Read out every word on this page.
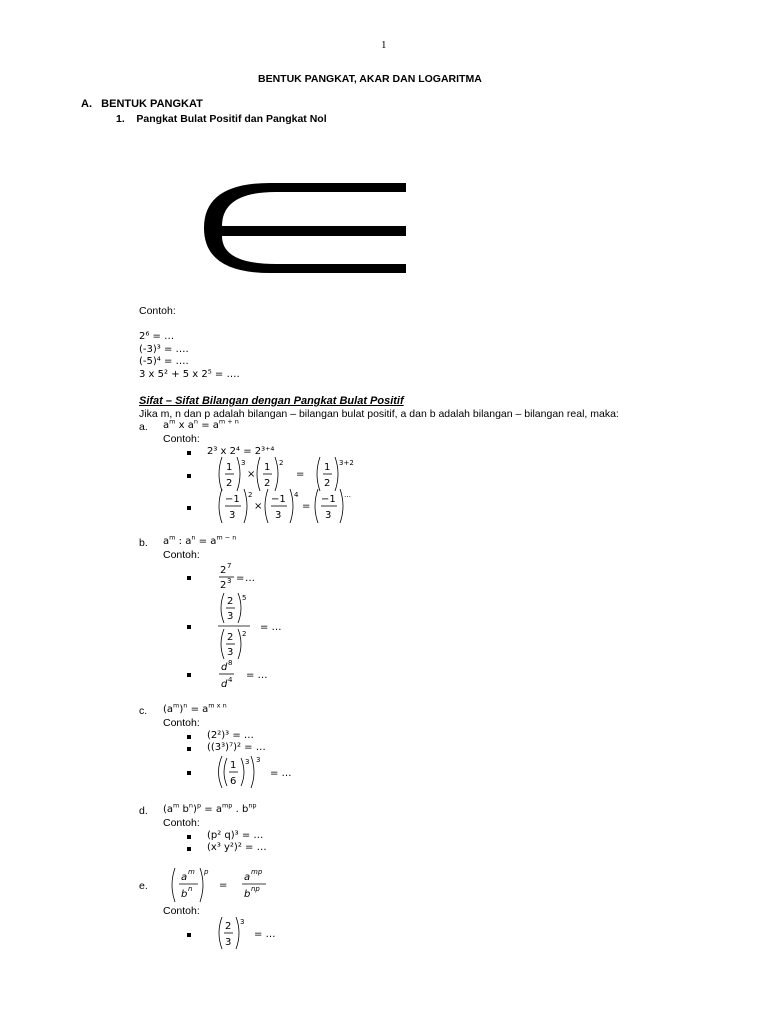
1
BENTUK PANGKAT, AKAR DAN LOGARITMA
A.   BENTUK PANGKAT
1.    Pangkat Bulat Positif dan Pangkat Nol
Contoh:
2⁶ = …
(-3)³ = ….
(-5)⁴ = ….
3 x 5² + 5 x 2⁵ = ….
Sifat – Sifat Bilangan dengan Pangkat Bulat Positif
Jika m, n dan p adalah bilangan – bilangan bulat positif, a dan b adalah bilangan – bilangan real, maka:
a. $a^m$ x $a^n = a^{m + n}$
Contoh:
2³ x 2⁴ = 2³⁺⁴
1
2
3
×
1
2
2
=
1
2
3+2
−1
3
2
×
−1
3
4
=
−1
3
…
b. $a^m$ : $a^n = a^{m - n}$
Contoh:
2 7
2 3 = …
2
3
5
2
3
2
= …
d 8
d 4 = …
c. $(a^m)^n = a^{m x n}$
Contoh:
(2²)³ = …
((3³)⁷)² = …
1
6
3 3
= …
d. ($a^m$ $b^n)^p = a^{mp}$ . $b^{np}$
Contoh:
(p² q)³ = …
(x³ y²)² = …
e.
a m
b n
p
=
a mp
b np
Contoh:
2
3
3
= …
